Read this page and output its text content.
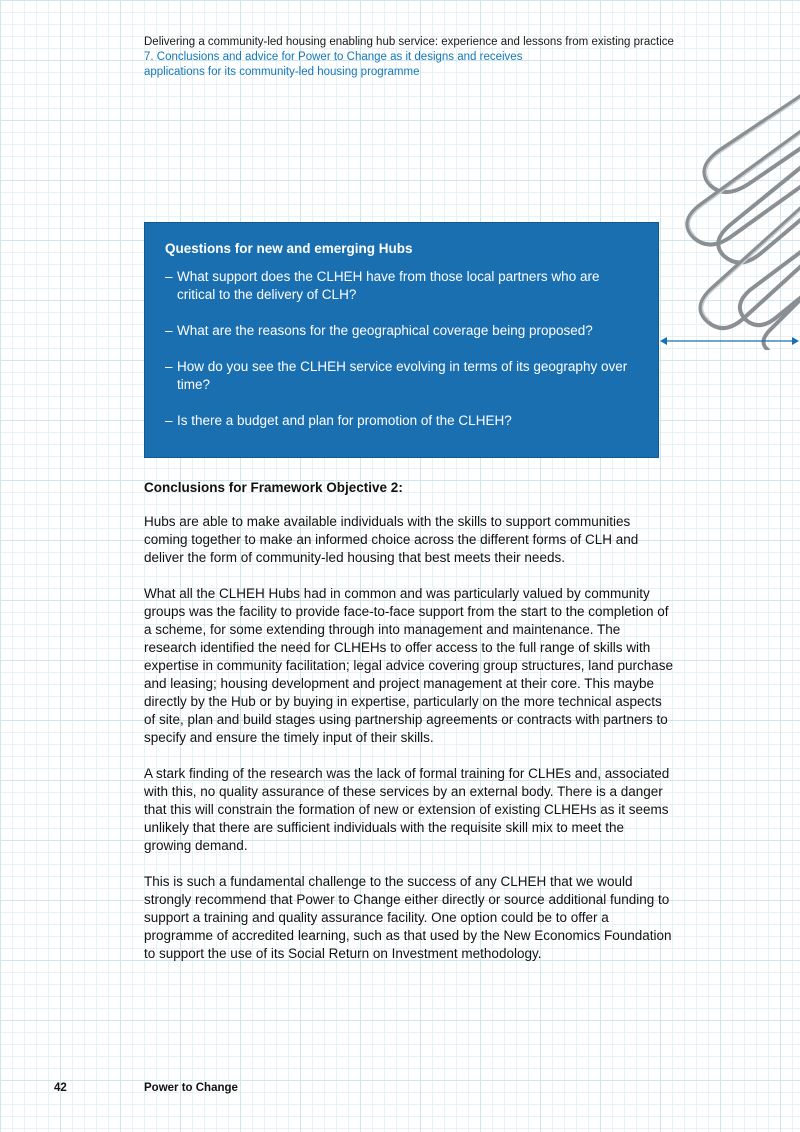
Delivering a community-led housing enabling hub service: experience and lessons from existing practice
7. Conclusions and advice for Power to Change as it designs and receives
applications for its community-led housing programme
Questions for new and emerging Hubs
– What support does the CLHEH have from those local partners who are critical to the delivery of CLH?
– What are the reasons for the geographical coverage being proposed?
– How do you see the CLHEH service evolving in terms of its geography over time?
– Is there a budget and plan for promotion of the CLHEH?
Conclusions for Framework Objective 2:

Hubs are able to make available individuals with the skills to support communities coming together to make an informed choice across the different forms of CLH and deliver the form of community-led housing that best meets their needs.

What all the CLHEH Hubs had in common and was particularly valued by community groups was the facility to provide face-to-face support from the start to the completion of a scheme, for some extending through into management and maintenance. The research identified the need for CLHEHs to offer access to the full range of skills with expertise in community facilitation; legal advice covering group structures, land purchase and leasing; housing development and project management at their core. This maybe directly by the Hub or by buying in expertise, particularly on the more technical aspects of site, plan and build stages using partnership agreements or contracts with partners to specify and ensure the timely input of their skills.

A stark finding of the research was the lack of formal training for CLHEs and, associated with this, no quality assurance of these services by an external body. There is a danger that this will constrain the formation of new or extension of existing CLHEHs as it seems unlikely that there are sufficient individuals with the requisite skill mix to meet the growing demand.

This is such a fundamental challenge to the success of any CLHEH that we would strongly recommend that Power to Change either directly or source additional funding to support a training and quality assurance facility. One option could be to offer a programme of accredited learning, such as that used by the New Economics Foundation to support the use of its Social Return on Investment methodology.

42	Power to Change
